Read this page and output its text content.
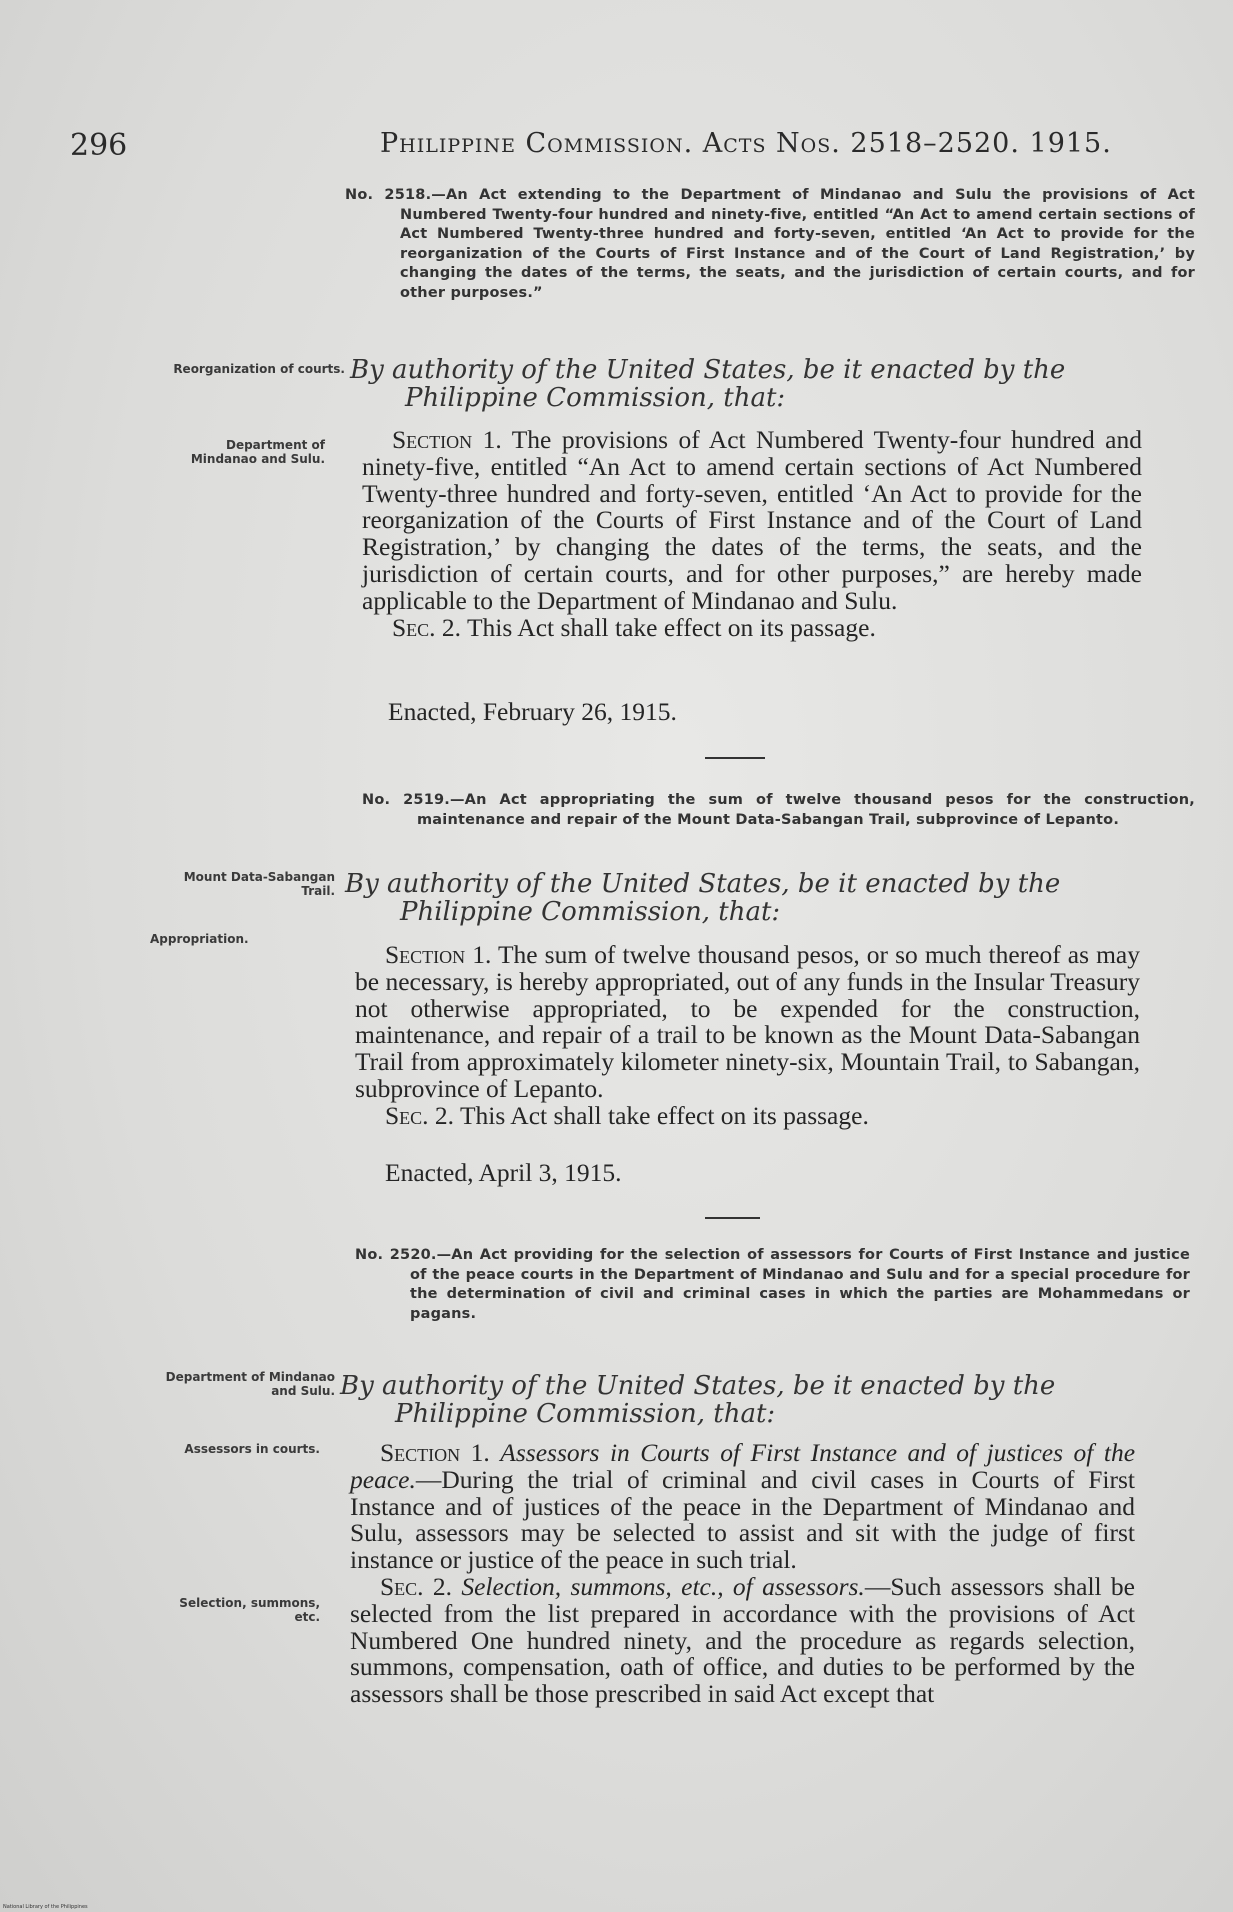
296	Philippine Commission. Acts Nos. 2518–2520. 1915.
No. 2518.—An Act extending to the Department of Mindanao and Sulu the provisions of Act Numbered Twenty-four hundred and ninety-five, entitled “An Act to amend certain sections of Act Numbered Twenty-three hundred and forty-seven, entitled ‘An Act to provide for the reorganization of the Courts of First Instance and of the Court of Land Registration,’ by changing the dates of the terms, the seats, and the jurisdiction of certain courts, and for other purposes.”
Reorganization of courts. By authority of the United States, be it enacted by the
Philippine Commission, that:
Department of Mindanao and Sulu.

Section 1. The provisions of Act Numbered Twenty-four hundred and ninety-five, entitled “An Act to amend certain sections of Act Numbered Twenty-three hundred and forty-seven, entitled ‘An Act to provide for the reorganization of the Courts of First Instance and of the Court of Land Registration,’ by changing the dates of the terms, the seats, and the jurisdiction of certain courts, and for other purposes,” are hereby made applicable to the Department of Mindanao and Sulu.

Sec. 2. This Act shall take effect on its passage.

Enacted, February 26, 1915.
No. 2519.—An Act appropriating the sum of twelve thousand pesos for the construction, maintenance and repair of the Mount Data-Sabangan Trail, subprovince of Lepanto.
Mount Data-Sabangan Trail. By authority of the United States, be it enacted by the
Philippine Commission, that:
Appropriation.

Section 1. The sum of twelve thousand pesos, or so much thereof as may be necessary, is hereby appropriated, out of any funds in the Insular Treasury not otherwise appropriated, to be expended for the construction, maintenance, and repair of a trail to be known as the Mount Data-Sabangan Trail from approximately kilometer ninety-six, Mountain Trail, to Sabangan, subprovince of Lepanto.

Sec. 2. This Act shall take effect on its passage.

Enacted, April 3, 1915.
No. 2520.—An Act providing for the selection of assessors for Courts of First Instance and justice of the peace courts in the Department of Mindanao and Sulu and for a special procedure for the determination of civil and criminal cases in which the parties are Mohammedans or pagans.
Department of Mindanao and Sulu. By authority of the United States, be it enacted by the
Philippine Commission, that:
Assessors in courts.
Selection, summons, etc.

Section 1. Assessors in Courts of First Instance and of justices of the peace.—During the trial of criminal and civil cases in Courts of First Instance and of justices of the peace in the Department of Mindanao and Sulu, assessors may be selected to assist and sit with the judge of first instance or justice of the peace in such trial.

Sec. 2. Selection, summons, etc., of assessors.—Such assessors shall be selected from the list prepared in accordance with the provisions of Act Numbered One hundred ninety, and the procedure as regards selection, summons, compensation, oath of office, and duties to be performed by the assessors shall be those prescribed in said Act except that

National Library of the Philippines
